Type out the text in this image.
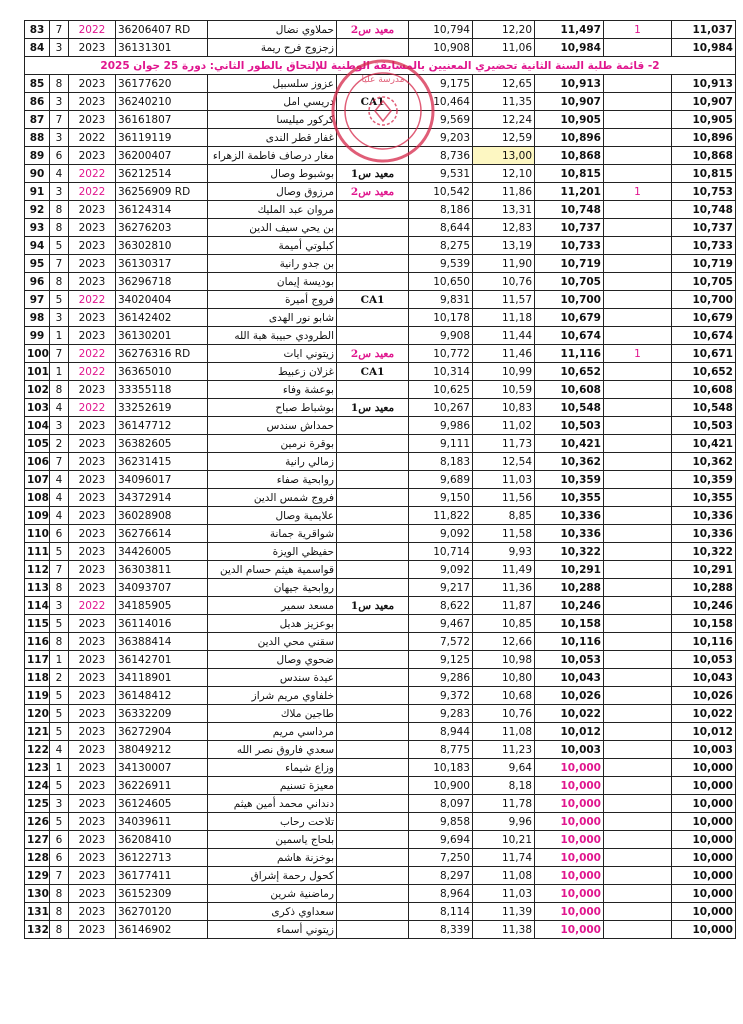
83	7	2022	36206407 RD	حملاوي نضال	معيد س2	10,794	12,20	11,497	1	11,037
84	3	2023	36131301	زجزوج فرح ريمة		10,908	11,06	10,984		10,984
2- قائمة طلبة السنة الثانية تحضيري المعنيين بالمسابقة الوطنية للإلتحاق بالطور الثاني: دورة 25 جوان 2025										
85	8	2023	36177620	عزوز سلسبيل		9,175	12,65	10,913		10,913
86	3	2023	36240210	دريسي امل	CA1	10,464	11,35	10,907		10,907
87	7	2023	36161807	كركور ميليسا		9,569	12,24	10,905		10,905
88	3	2022	36119119	غفار قطر الندى		9,203	12,59	10,896		10,896
89	6	2023	36200407	مغار درصاف فاطمة الزهراء		8,736	13,00	10,868		10,868
90	4	2022	36212514	بوشبوط وصال	معيد س1	9,531	12,10	10,815		10,815
91	3	2022	36256909 RD	مرزوق وصال	معيد س2	10,542	11,86	11,201	1	10,753
92	8	2023	36124314	مروان عبد المليك		8,186	13,31	10,748		10,748
93	8	2023	36276203	بن يحي سيف الدين		8,644	12,83	10,737		10,737
94	5	2023	36302810	كبلوتي أميمة		8,275	13,19	10,733		10,733
95	7	2023	36130317	بن جدو رانية		9,539	11,90	10,719		10,719
96	8	2023	36296718	بوديسة إيمان		10,650	10,76	10,705		10,705
97	5	2022	34020404	فروج أميرة	CA1	9,831	11,57	10,700		10,700
98	3	2023	36142402	شابو نور الهدى		10,178	11,18	10,679		10,679
99	1	2023	36130201	الطرودي حبيبة هبة الله		9,908	11,44	10,674		10,674
100	7	2022	36276316 RD	زيتوني ايات	معيد س2	10,772	11,46	11,116	1	10,671
101	1	2022	36365010	غزلان زعبيط	CA1	10,314	10,99	10,652		10,652
102	8	2023	33355118	بوعشة وفاء		10,625	10,59	10,608		10,608
103	4	2022	33252619	بوشباط صباح	معيد س1	10,267	10,83	10,548		10,548
104	3	2023	36147712	حمداش سندس		9,986	11,02	10,503		10,503
105	2	2023	36382605	بوقرة نرمين		9,111	11,73	10,421		10,421
106	7	2023	36231415	زمالي رانية		8,183	12,54	10,362		10,362
107	4	2023	34096017	روابحية صفاء		9,689	11,03	10,359		10,359
108	4	2023	34372914	فروج شمس الدين		9,150	11,56	10,355		10,355
109	4	2023	36028908	علايمية وصال		11,822	8,85	10,336		10,336
110	6	2023	36276614	شواقرية جمانة		9,092	11,58	10,336		10,336
111	5	2023	34426005	حفيظي الويزة		10,714	9,93	10,322		10,322
112	7	2023	36303811	قواسمية هيثم حسام الدين		9,092	11,49	10,291		10,291
113	8	2023	34093707	روابحية جيهان		9,217	11,36	10,288		10,288
114	3	2022	34185905	مسعد سمير	معيد س1	8,622	11,87	10,246		10,246
115	5	2023	36114016	بوعزيز هديل		9,467	10,85	10,158		10,158
116	8	2023	36388414	سقني محي الدين		7,572	12,66	10,116		10,116
117	1	2023	36142701	ضحوي وصال		9,125	10,98	10,053		10,053
118	2	2023	34118901	عيدة سندس		9,286	10,80	10,043		10,043
119	5	2023	36148412	خلفاوي مريم شراز		9,372	10,68	10,026		10,026
120	5	2023	36332209	طاجين ملاك		9,283	10,76	10,022		10,022
121	5	2023	36272904	مرداسي مريم		8,944	11,08	10,012		10,012
122	4	2023	38049212	سعدي فاروق نصر الله		8,775	11,23	10,003		10,003
123	1	2023	34130007	وزاع شيماء		10,183	9,64	10,000		10,000
124	5	2023	36226911	معيزة تسنيم		10,900	8,18	10,000		10,000
125	3	2023	36124605	دنداني محمد أمين هيثم		8,097	11,78	10,000		10,000
126	5	2023	34039611	تلاحت رحاب		9,858	9,96	10,000		10,000
127	6	2023	36208410	بلحاج ياسمين		9,694	10,21	10,000		10,000
128	6	2023	36122713	بوخزنة هاشم		7,250	11,74	10,000		10,000
129	7	2023	36177411	كحول رحمة إشراق		8,297	11,08	10,000		10,000
130	8	2023	36152309	رماضنية شرين		8,964	11,03	10,000		10,000
131	8	2023	36270120	سعداوي ذكرى		8,114	11,39	10,000		10,000
132	8	2023	36146902	زيتوني أسماء		8,339	11,38	10,000		10,000
مدرسة عليا
